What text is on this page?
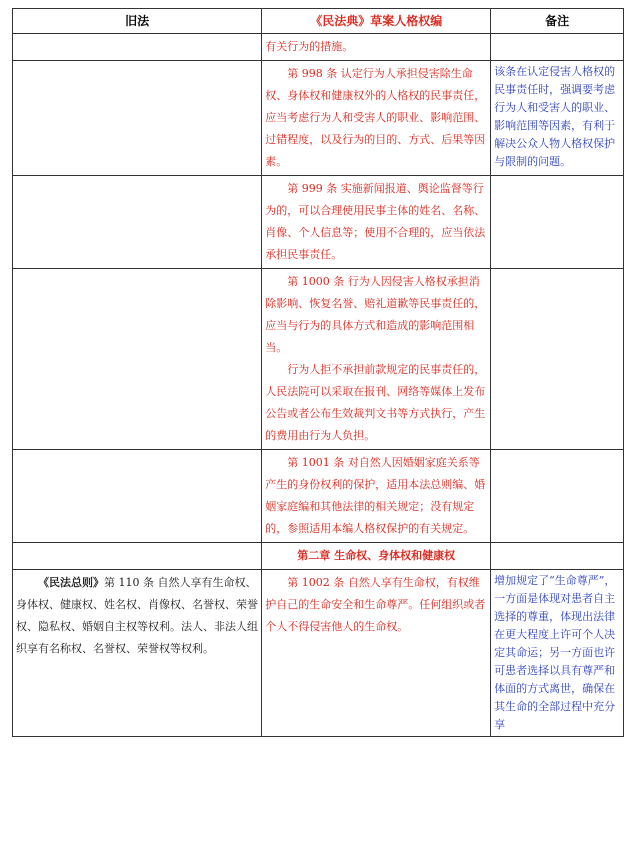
旧法	《民法典》草案人格权编	备注

	有关行为的措施。	

	第 998 条 认定行为人承担侵害除生命权、身体权和健康权外的人格权的民事责任，应当考虑行为人和受害人的职业、影响范围、过错程度，以及行为的目的、方式、后果等因素。	该条在认定侵害人格权的民事责任时，强调要考虑行为人和受害人的职业、影响范围等因素，有利于解决公众人物人格权保护与限制的问题。

	第 999 条 实施新闻报道、舆论监督等行为的，可以合理使用民事主体的姓名、名称、肖像、个人信息等；使用不合理的，应当依法承担民事责任。	

	第 1000 条 行为人因侵害人格权承担消除影响、恢复名誉、赔礼道歉等民事责任的，应当与行为的具体方式和造成的影响范围相当。

行为人拒不承担前款规定的民事责任的，人民法院可以采取在报刊、网络等媒体上发布公告或者公布生效裁判文书等方式执行，产生的费用由行为人负担。	

	第 1001 条 对自然人因婚姻家庭关系等产生的身份权利的保护，适用本法总则编、婚姻家庭编和其他法律的相关规定；没有规定的，参照适用本编人格权保护的有关规定。	

	第二章 生命权、身体权和健康权	

《民法总则》第 110 条 自然人享有生命权、身体权、健康权、姓名权、肖像权、名誉权、荣誉权、隐私权、婚姻自主权等权利。法人、非法人组织享有名称权、名誉权、荣誉权等权利。	第 1002 条 自然人享有生命权，有权维护自己的生命安全和生命尊严。任何组织或者个人不得侵害他人的生命权。	增加规定了“生命尊严”，一方面是体现对患者自主选择的尊重，体现出法律在更大程度上许可个人决定其命运；另一方面也许可患者选择以具有尊严和体面的方式离世，确保在其生命的全部过程中充分享
